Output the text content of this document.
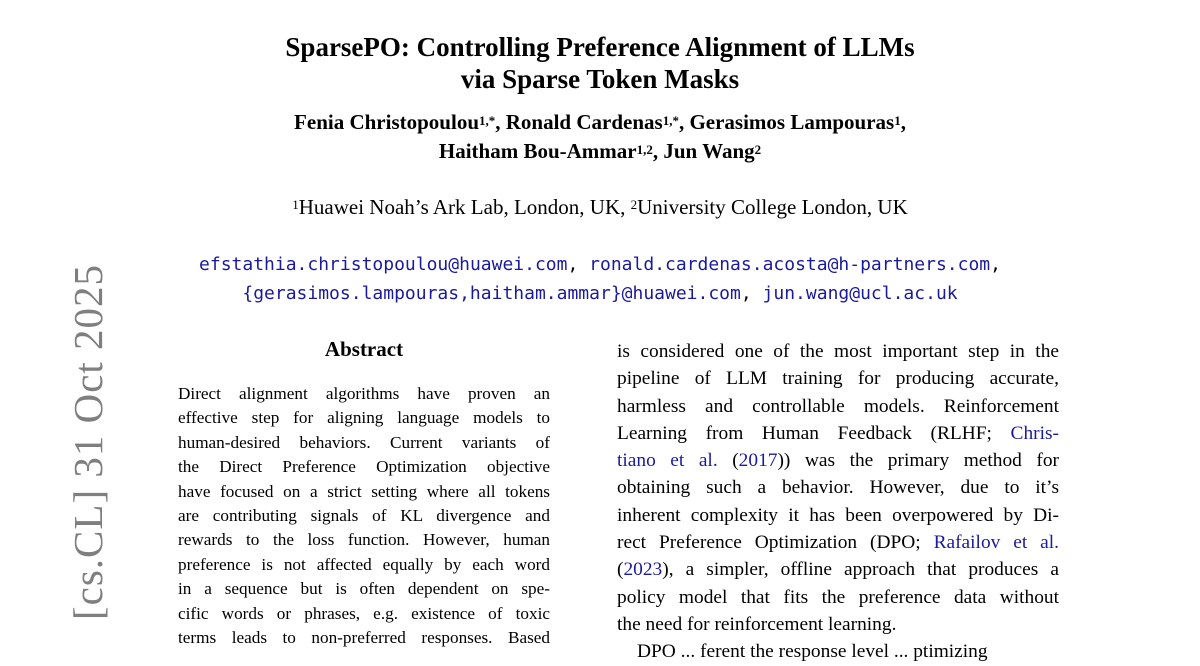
SparsePO: Controlling Preference Alignment of LLMs
via Sparse Token Masks
Fenia Christopoulou$^{1,*}$, Ronald Cardenas$^{1,*}$, Gerasimos Lampouras$^1$,
Haitham Bou-Ammar$^{1,2}$, Jun Wang$^2$
$^1$Huawei Noah’s Ark Lab, London, UK, $^2$University College London, UK
efstathia.christopoulou@huawei.com, ronald.cardenas.acosta@h-partners.com,
{gerasimos.lampouras,haitham.ammar}@huawei.com, jun.wang@ucl.ac.uk
[cs.CL] 31 Oct 2025	Abstract
Direct alignment algorithms have proven an
effective step for aligning language models to
human-desired behaviors. Current variants of
the Direct Preference Optimization objective
have focused on a strict setting where all tokens
are contributing signals of KL divergence and
rewards to the loss function. However, human
preference is not affected equally by each word
in a sequence but is often dependent on spe-
cific words or phrases, e.g. existence of toxic
terms leads to non-preferred responses. Based
is considered one of the most important step in the
pipeline of LLM training for producing accurate,
harmless and controllable models. Reinforcement
Learning from Human Feedback (RLHF; Chris-
tiano et al. (2017)) was the primary method for
obtaining such a behavior. However, due to it’s
inherent complexity it has been overpowered by Di-
rect Preference Optimization (DPO; Rafailov et al.
(2023), a simpler, offline approach that produces a
policy model that fits the preference data without
the need for reinforcement learning.
DPO ... ferent the response level ... ptimizing
